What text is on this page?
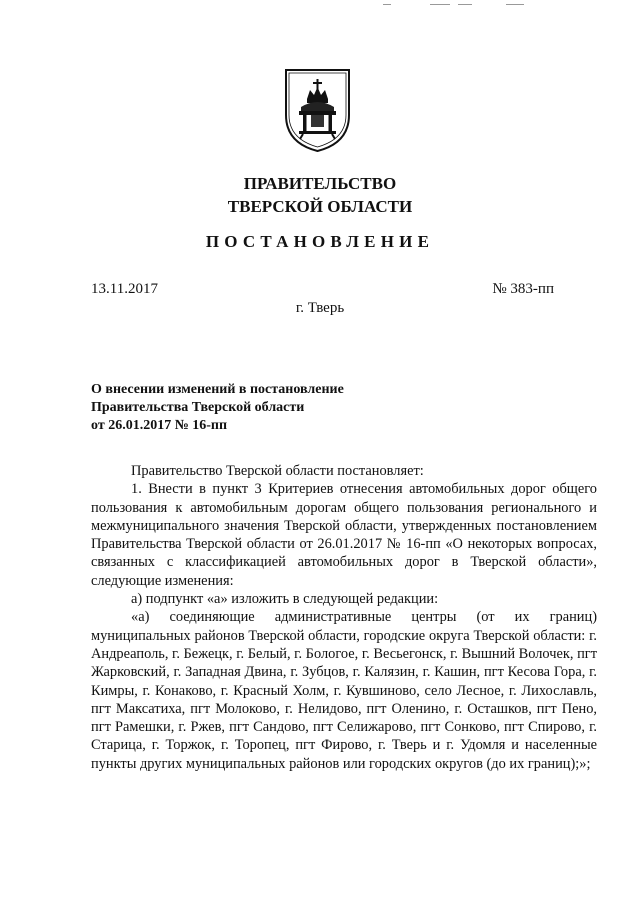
ПРАВИТЕЛЬСТВО
ТВЕРСКОЙ ОБЛАСТИ
ПОСТАНОВЛЕНИЕ
13.11.2017	№ 383-пп
г. Тверь
О внесении изменений в постановление
Правительства Тверской области
от 26.01.2017 № 16-пп

Правительство Тверской области постановляет:

1. Внести в пункт 3 Критериев отнесения автомобильных дорог общего пользования к автомобильным дорогам общего пользования регионального и межмуниципального значения Тверской области, утвержденных постановлением Правительства Тверской области от 26.01.2017 № 16-пп «О некоторых вопросах, связанных с классификацией автомобильных дорог в Тверской области», следующие изменения:

а) подпункт «а» изложить в следующей редакции:

«а) соединяющие административные центры (от их границ) муниципальных районов Тверской области, городские округа Тверской области: г. Андреаполь, г. Бежецк, г. Белый, г. Бологое, г. Весьегонск, г. Вышний Волочек, пгт Жарковский, г. Западная Двина, г. Зубцов, г. Калязин, г. Кашин, пгт Кесова Гора, г. Кимры, г. Конаково, г. Красный Холм, г. Кувшиново, село Лесное, г. Лихославль, пгт Максатиха, пгт Молоково, г. Нелидово, пгт Оленино, г. Осташков, пгт Пено, пгт Рамешки, г. Ржев, пгт Сандово, пгт Селижарово, пгт Сонково, пгт Спирово, г. Старица, г. Торжок, г. Торопец, пгт Фирово, г. Тверь и г. Удомля и населенные пункты других муниципальных районов или городских округов (до их границ);»;
